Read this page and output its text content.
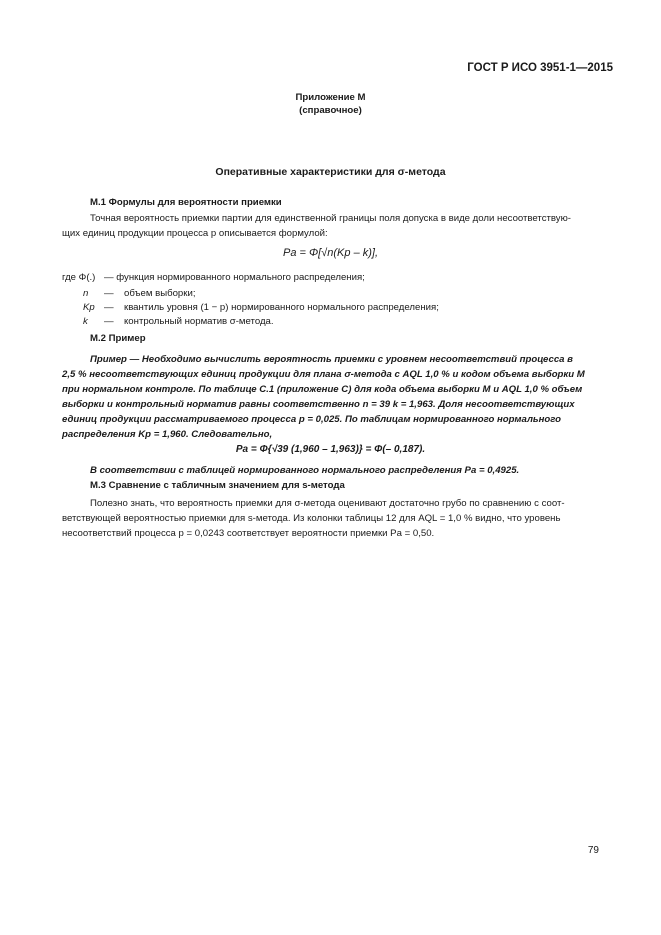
ГОСТ Р ИСО 3951-1—2015
Приложение М
(справочное)
Оперативные характеристики для σ-метода
М.1 Формулы для вероятности приемки
Точная вероятность приемки партии для единственной границы поля допуска в виде доли несоответствую-
щих единиц продукции процесса p описывается формулой:
Pa = Φ[√n(Kp – k)],
где Φ(.) — функция нормированного нормального распределения;
n — объем выборки;
Kp — квантиль уровня (1 − p) нормированного нормального распределения;
k — контрольный норматив σ-метода.
М.2 Пример
Пример — Необходимо вычислить вероятность приемки с уровнем несоответствий процесса в
2,5 % несоответствующих единиц продукции для плана σ-метода с AQL 1,0 % и кодом объема выборки М
при нормальном контроле. По таблице С.1 (приложение С) для кода объема выборки М и AQL 1,0 % объем
выборки и контрольный норматив равны соответственно n = 39 k = 1,963. Доля несоответствующих
единиц продукции рассматриваемого процесса p = 0,025. По таблицам нормированного нормального
распределения Kp = 1,960. Следовательно,
Pa = Φ{√39 (1,960 – 1,963)} = Φ(– 0,187).
В соответствии с таблицей нормированного нормального распределения Pa = 0,4925.
М.3 Сравнение с табличным значением для s-метода
Полезно знать, что вероятность приемки для σ-метода оценивают достаточно грубо по сравнению с соот-
ветствующей вероятностью приемки для s-метода. Из колонки таблицы 12 для AQL = 1,0 % видно, что уровень
несоответствий процесса p = 0,0243 соответствует вероятности приемки Pa = 0,50.
79
